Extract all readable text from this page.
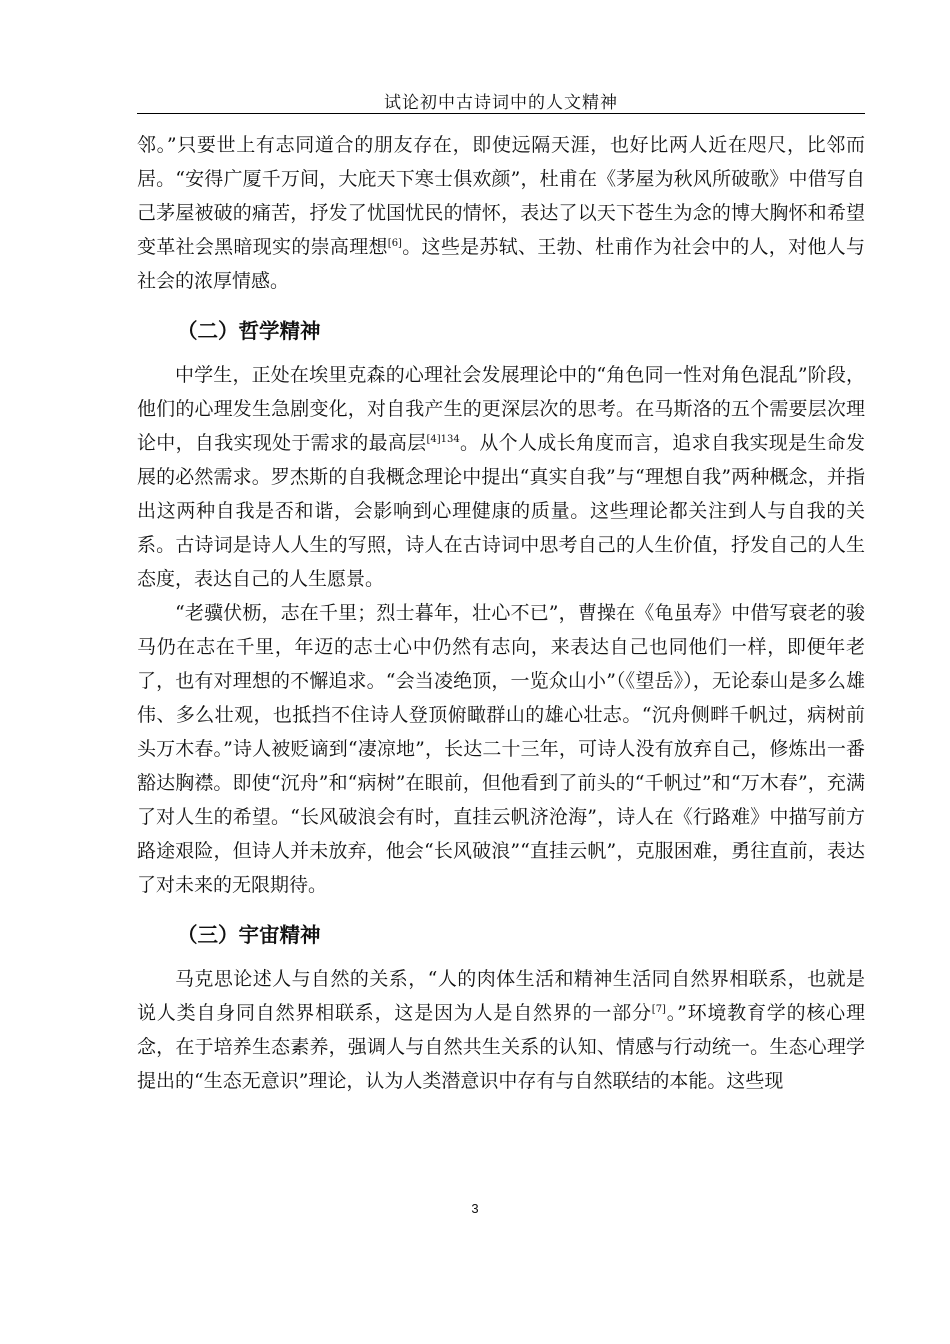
试论初中古诗词中的人文精神

邻。”只要世上有志同道合的朋友存在，即使远隔天涯，也好比两人近在咫尺，比邻而居。“安得广厦千万间，大庇天下寒士俱欢颜”，杜甫在《茅屋为秋风所破歌》中借写自己茅屋被破的痛苦，抒发了忧国忧民的情怀，表达了以天下苍生为念的博大胸怀和希望变革社会黑暗现实的崇高理想[6]。这些是苏轼、王勃、杜甫作为社会中的人，对他人与社会的浓厚情感。

（二）哲学精神

中学生，正处在埃里克森的心理社会发展理论中的“角色同一性对角色混乱”阶段，他们的心理发生急剧变化，对自我产生的更深层次的思考。在马斯洛的五个需要层次理论中，自我实现处于需求的最高层$^{[4]134}$。从个人成长角度而言，追求自我实现是生命发展的必然需求。罗杰斯的自我概念理论中提出“真实自我”与“理想自我”两种概念，并指出这两种自我是否和谐，会影响到心理健康的质量。这些理论都关注到人与自我的关系。古诗词是诗人人生的写照，诗人在古诗词中思考自己的人生价值，抒发自己的人生态度，表达自己的人生愿景。

“老骥伏枥，志在千里；烈士暮年，壮心不已”，曹操在《龟虽寿》中借写衰老的骏马仍在志在千里，年迈的志士心中仍然有志向，来表达自己也同他们一样，即便年老了，也有对理想的不懈追求。“会当凌绝顶，一览众山小”（《望岳》），无论泰山是多么雄伟、多么壮观，也抵挡不住诗人登顶俯瞰群山的雄心壮志。“沉舟侧畔千帆过，病树前头万木春。”诗人被贬谪到“凄凉地”，长达二十三年，可诗人没有放弃自己，修炼出一番豁达胸襟。即使“沉舟”和“病树”在眼前，但他看到了前头的“千帆过”和“万木春”，充满了对人生的希望。“长风破浪会有时，直挂云帆济沧海”，诗人在《行路难》中描写前方路途艰险，但诗人并未放弃，他会“长风破浪”“直挂云帆”，克服困难，勇往直前，表达了对未来的无限期待。

（三）宇宙精神

马克思论述人与自然的关系，“人的肉体生活和精神生活同自然界相联系，也就是说人类自身同自然界相联系，这是因为人是自然界的一部分[7]。”环境教育学的核心理念，在于培养生态素养，强调人与自然共生关系的认知、情感与行动统一。生态心理学提出的“生态无意识”理论，认为人类潜意识中存有与自然联结的本能。这些现

3
